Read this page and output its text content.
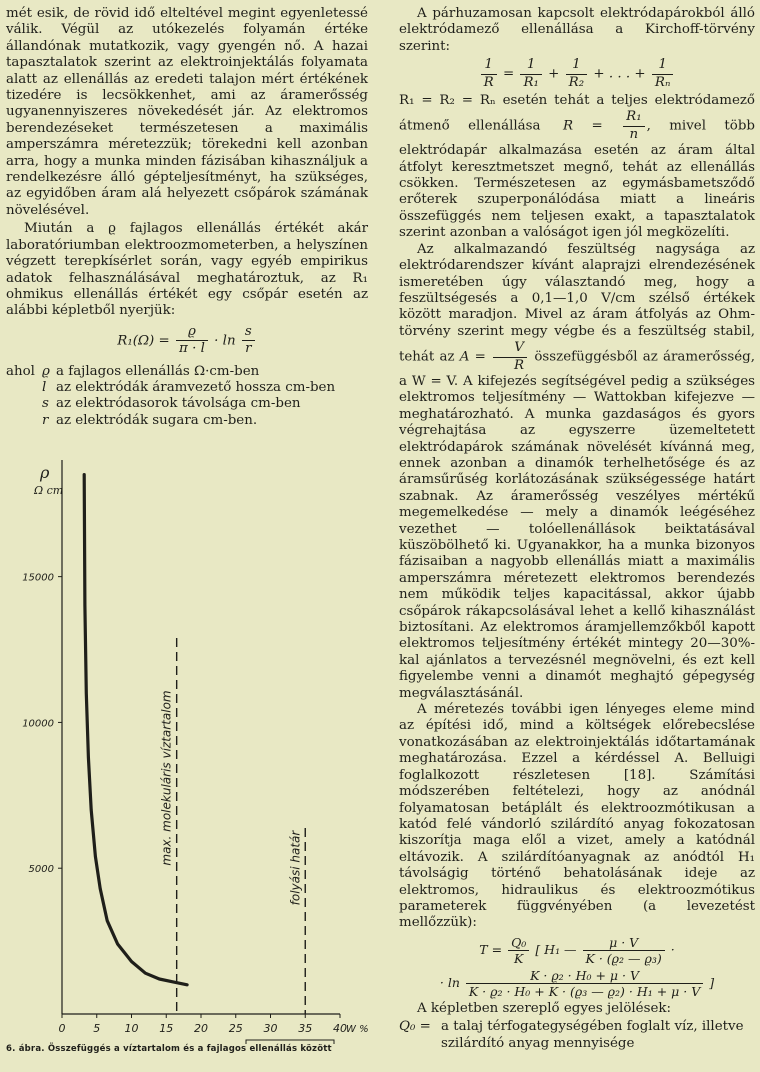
mét esik, de rövid idő elteltével megint egyenletessé válik. Végül az utókezelés folyamán értéke állandónak mutatkozik, vagy gyengén nő. A hazai tapasztalatok szerint az elektroinjektálás folyamata alatt az ellenállás az eredeti talajon mért értékének tizedére is lecsökkenhet, ami az áramerősség ugyanennyiszeres növekedését jár. Az elektromos berendezéseket természetesen a maximális amperszámra méretezzük; törekedni kell azonban arra, hogy a munka minden fázisában kihasználjuk a rendelkezésre álló gépteljesítményt, ha szükséges, az egyidőben áram alá helyezett csőpárok számának növelésével.

Miután a ϱ fajlagos ellenállás értékét akár laboratóriumban elektroozmometerben, a helyszínen végzett terepkísérlet során, vagy egyéb empirikus adatok felhasználásával meghatároztuk, az R₁ ohmikus ellenállás értékét egy csőpár esetén az alábbi képletből nyerjük:

$R_1(\Omega) = \frac{ϱ}{\pi \cdot l} \cdot \ln \frac{s}{r}$
ahol ϱ a fajlagos ellenállás Ω·cm-ben
l az elektródák áramvezető hossza cm-ben
s az elektródasorok távolsága cm-ben
r az elektródák sugara cm-ben.
ρ
Ω cm
5000
10000
15000
0	5 10 15 20 25 30 35 40 W %
max. molekuláris víztartalom
folyási határ
6. ábra. Összefüggés a víztartalom és a fajlagos ellenállás között

A párhuzamosan kapcsolt elektródapárokból álló elektródamező ellenállása a Kirchoff-törvény szerint:

$\frac{1}{R} = \frac{1}{\text{R₁}} + \frac{1}{\text{R₂}}$ + . . . + $\frac{1}{\text{Rₙ}}$

R₁ = R₂ = Rₙ esetén tehát a teljes elektródamező átmenő ellenállása $R = \frac{\text{R₁}}{n}$ , mivel több elektródapár alkalmazása esetén az áram által átfolyt keresztmetszet megnő, tehát az ellenállás csökken. Természetesen az egymásbametsződő erőterek szuperponálódása miatt a lineáris összefüggés nem teljesen exakt, a tapasztalatok szerint azonban a valóságot igen jól megközelíti.

Az alkalmazandó feszültség nagysága az elektródarendszer kívánt alaprajzi elrendezésének ismeretében úgy választandó meg, hogy a feszültségesés a 0,1—1,0 V/cm szélső értékek között maradjon. Mivel az áram átfolyás az Ohm-törvény szerint megy végbe és a feszültség stabil, tehát az $A = \frac{V}{R}$ összefüggésből az áramerősség, a W = V. A kifejezés segítségével pedig a szükséges elektromos teljesítmény — Wattokban kifejezve — meghatározható. A munka gazdaságos és gyors végrehajtása az egyszerre üzemeltetett elektródapárok számának növelését kívánná meg, ennek azonban a dinamók terhelhetősége és az áramsűrűség korlátozásának szükségessége határt szabnak. Az áramerősség veszélyes mértékű megemelkedése — mely a dinamók leégéséhez vezethet — tolóellenállások beiktatásával küszöbölhető ki. Ugyanakkor, ha a munka bizonyos fázisaiban a nagyobb ellenállás miatt a maximális amperszámra méretezett elektromos berendezés nem működik teljes kapacitással, akkor újabb csőpárok rákapcsolásával lehet a kellő kihasználást biztosítani. Az elektromos áramjellemzőkből kapott elektromos teljesítmény értékét mintegy 20—30%-kal ajánlatos a tervezésnél megnövelni, és ezt kell figyelembe venni a dinamót meghajtó gépegység megválasztásánál.

A méretezés további igen lényeges eleme mind az építési idő, mind a költségek előrebecslése vonatkozásában az elektroinjektálás időtartamának meghatározása. Ezzel a kérdéssel A. Belluigi foglalkozott részletesen [18]. Számítási módszerében feltételezi, hogy az anódnál folyamatosan betáplált és elektroozmótikusan a katód felé vándorló szilárdító anyag fokozatosan kiszorítja maga elől a vizet, amely a katódnál eltávozik. A szilárdítóanyagnak az anódtól H₁ távolságig történő behatolásának ideje az elektromos, hidraulikus és elektroozmótikus parameterek függvényében (a levezetést mellőzzük):

$T = \frac{\text{Q₀}}{K}$ [ H₁ — $\frac{\mu \cdot V}{\text{K · (ϱ₂ — ϱ₃)}}$ ·
· $\ln \frac{\text{K · ϱ₂ · H₀ + μ · V}}{\text{K · ϱ₂ · H₀ + K · (ϱ₃ — ϱ₂) · H₁ + μ · V}}$ ]

A képletben szereplő egyes jelölések:

Q₀ = a talaj térfogategységében foglalt víz, illetve szilárdító anyag mennyisége
